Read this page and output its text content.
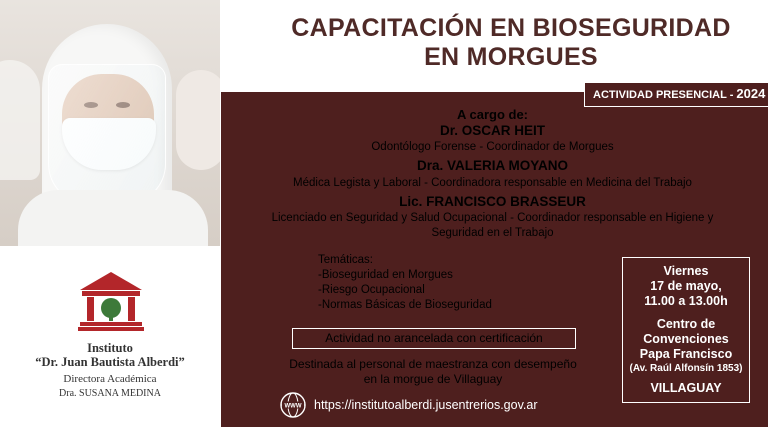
Instituto
“Dr. Juan Bautista Alberdi”
Directora Académica
Dra. SUSANA MEDINA
CAPACITACIÓN EN BIOSEGURIDAD
EN MORGUES
ACTIVIDAD PRESENCIAL - 2024
A cargo de:
Dr. OSCAR HEIT
Odontólogo Forense - Coordinador de Morgues
Dra. VALERIA MOYANO
Médica Legista y Laboral - Coordinadora responsable en Medicina del Trabajo
Lic. FRANCISCO BRASSEUR
Licenciado en Seguridad y Salud Ocupacional - Coordinador responsable en Higiene y
Seguridad en el Trabajo
Temáticas:
-Bioseguridad en Morgues
-Riesgo Ocupacional
-Normas Básicas de Bioseguridad
Viernes
17 de mayo,
11.00 a 13.00h
Centro de
Convenciones
Papa Francisco
(Av. Raúl Alfonsín 1853)
VILLAGUAY
Actividad no arancelada con certificación
Destinada al personal de maestranza con desempeño
en la morgue de Villaguay
WWW https://institutoalberdi.jusentrerios.gov.ar
